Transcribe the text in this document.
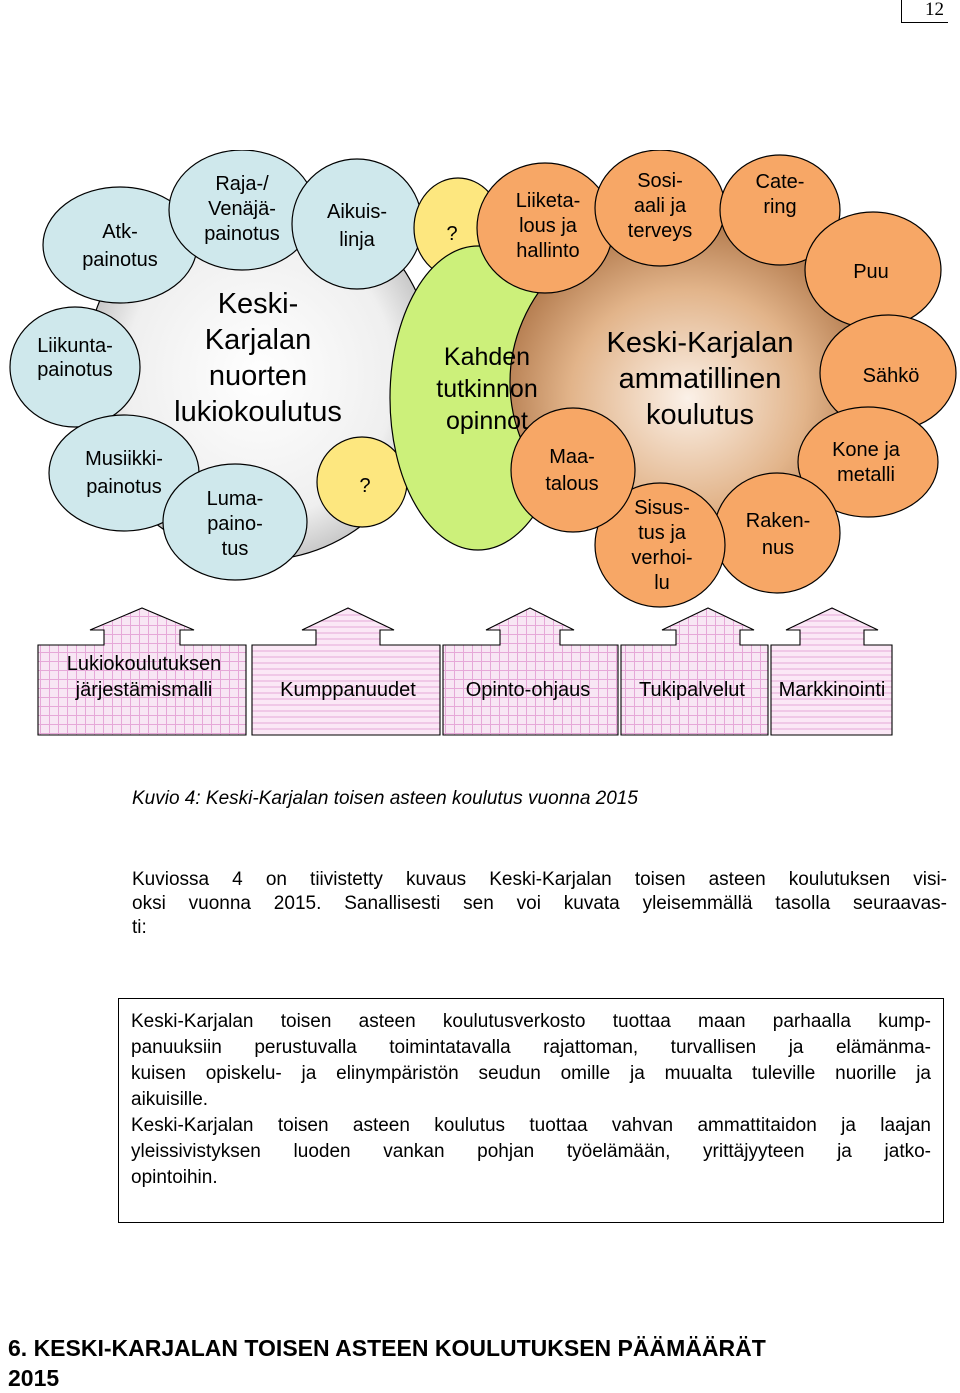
12
Atk-painotus
Raja-/ Venäjä-painotus
Aikuis-linja
Liikunta-painotus
Musiikki-painotus
Luma-paino-tus
?
?
Keski-Karjalan nuorten lukiokoulutus
Kahden tutkinnon opinnot
Keski-Karjalan ammatillinen koulutus
Liiketa-lous ja hallinto
Sosi-aali ja terveys
Cate-ring
Puu
Sähkö
Kone ja metalli
Raken-nus
Sisus-tus ja verhoi-lu
Maa-talous
Lukiokoulutuksen järjestämismalli	Kumppanuudet Opinto-ohjaus Tukipalvelut Markkinointi
Kuvio 4: Keski-Karjalan toisen asteen koulutus vuonna 2015
Kuviossa 4 on tiivistetty kuvaus Keski-Karjalan toisen asteen koulutuksen visi-
oksi vuonna 2015. Sanallisesti sen voi kuvata yleisemmällä tasolla seuraavas-
ti:
Keski-Karjalan toisen asteen koulutusverkosto tuottaa maan parhaalla kump-
panuuksiin perustuvalla toimintatavalla rajattoman, turvallisen ja elämänma-
kuisen opiskelu- ja elinympäristön seudun omille ja muualta tuleville nuorille ja
aikuisille.
Keski-Karjalan toisen asteen koulutus tuottaa vahvan ammattitaidon ja laajan
yleissivistyksen luoden vankan pohjan työelämään, yrittäjyyteen ja jatko-
opintoihin.
6. KESKI-KARJALAN TOISEN ASTEEN KOULUTUKSEN PÄÄMÄÄRÄT
2015
